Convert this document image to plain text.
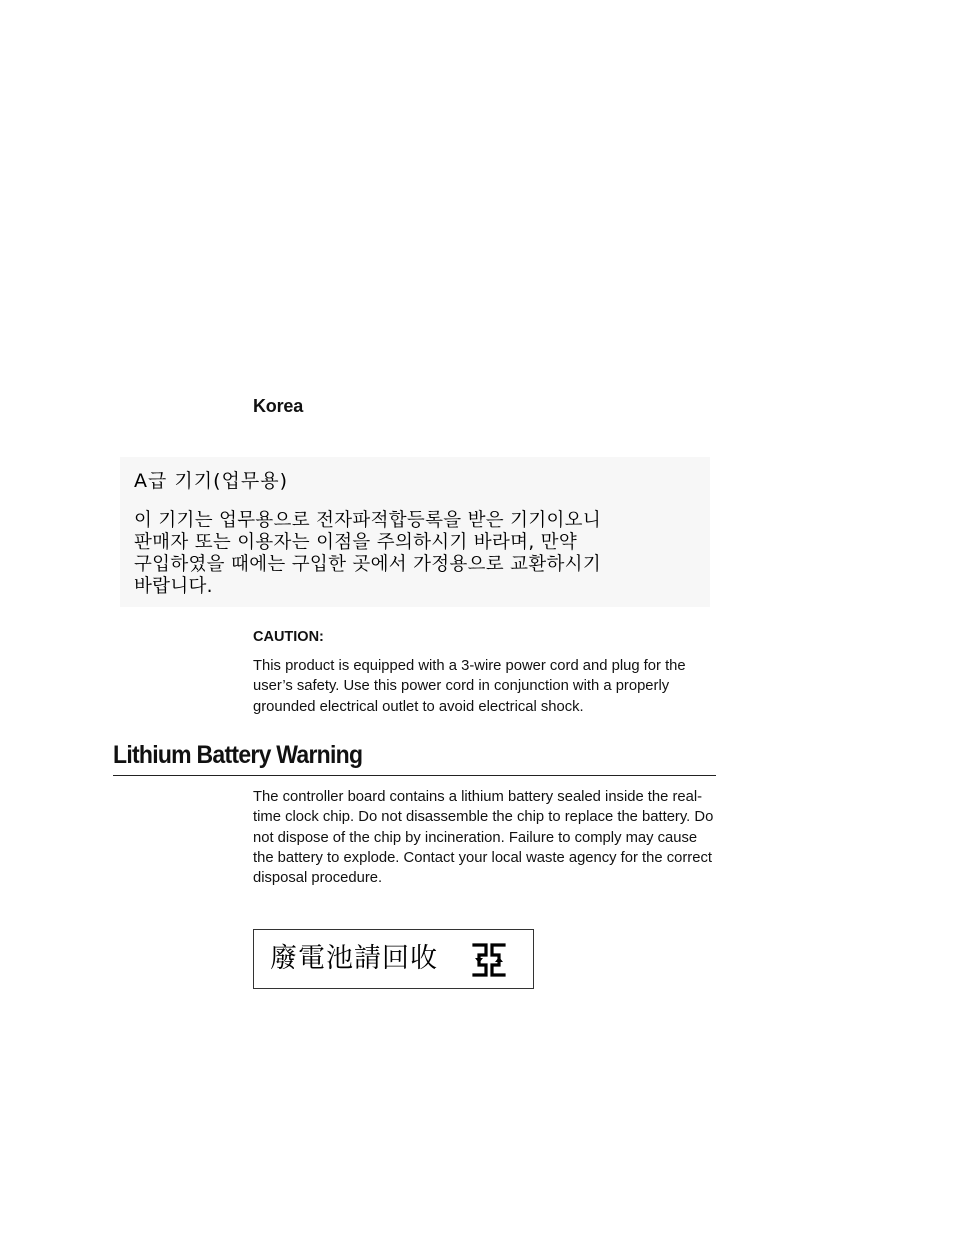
Korea

A급 기기(업무용)

이 기기는 업무용으로 전자파적합등록을 받은 기기이오니
판매자 또는 이용자는 이점을 주의하시기 바라며, 만약
구입하였을 때에는 구입한 곳에서 가정용으로 교환하시기
바랍니다.

CAUTION:

This product is equipped with a 3-wire power cord and plug for the user’s safety. Use this power cord in conjunction with a properly grounded electrical outlet to avoid electrical shock.

Lithium Battery Warning

The controller board contains a lithium battery sealed inside the real-time clock chip. Do not disassemble the chip to replace the battery. Do not dispose of the chip by incineration. Failure to comply may cause the battery to explode. Contact your local waste agency for the correct disposal procedure.

廢電池請回收
